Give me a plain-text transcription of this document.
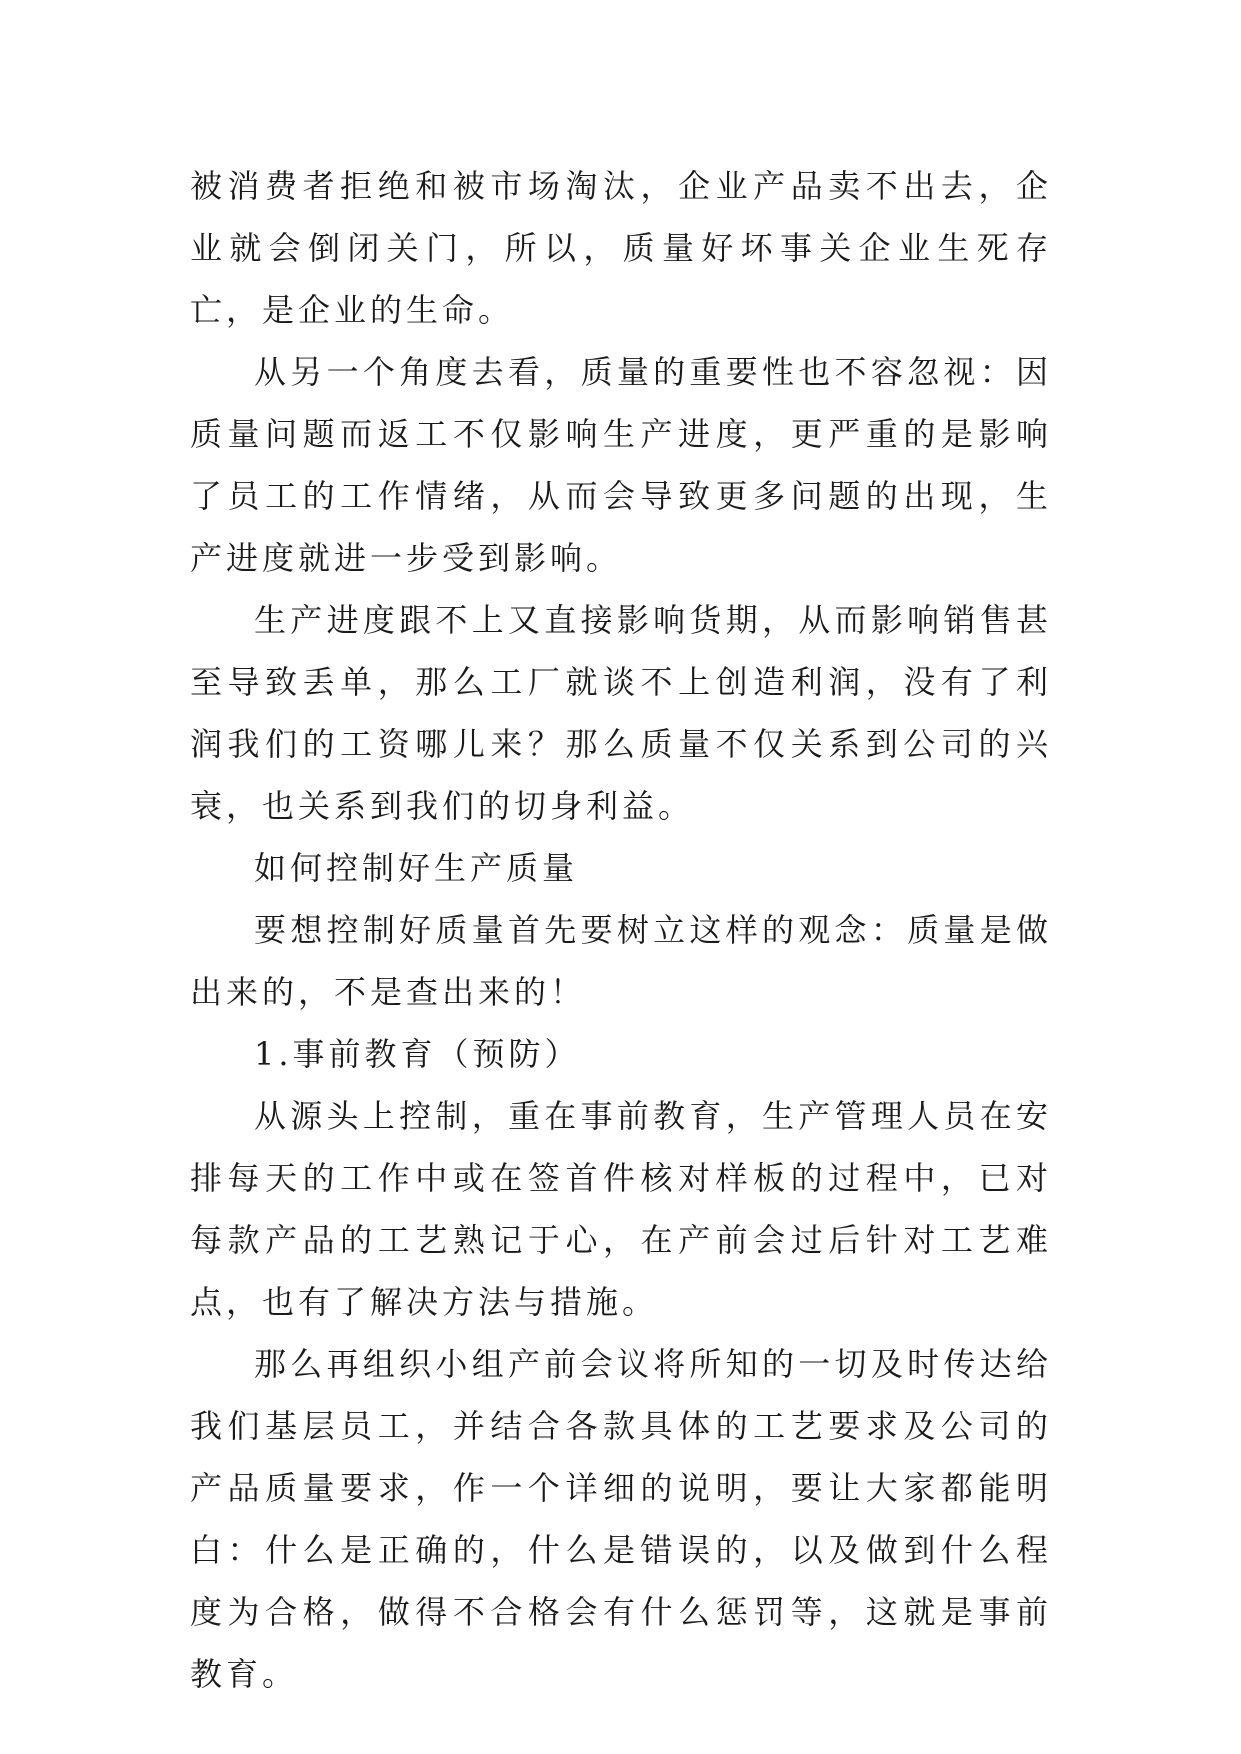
被消费者拒绝和被市场淘汰，企业产品卖不出去，企业就会倒闭关门，所以，质量好坏事关企业生死存亡，是企业的生命。

从另一个角度去看，质量的重要性也不容忽视：因质量问题而返工不仅影响生产进度，更严重的是影响了员工的工作情绪，从而会导致更多问题的出现，生产进度就进一步受到影响。

生产进度跟不上又直接影响货期，从而影响销售甚至导致丢单，那么工厂就谈不上创造利润，没有了利润我们的工资哪儿来？那么质量不仅关系到公司的兴衰，也关系到我们的切身利益。

如何控制好生产质量

要想控制好质量首先要树立这样的观念：质量是做出来的，不是查出来的！

1.事前教育（预防）

从源头上控制，重在事前教育，生产管理人员在安排每天的工作中或在签首件核对样板的过程中，已对每款产品的工艺熟记于心，在产前会过后针对工艺难点，也有了解决方法与措施。

那么再组织小组产前会议将所知的一切及时传达给我们基层员工，并结合各款具体的工艺要求及公司的产品质量要求，作一个详细的说明，要让大家都能明白：什么是正确的，什么是错误的，以及做到什么程度为合格，做得不合格会有什么惩罚等，这就是事前教育。
